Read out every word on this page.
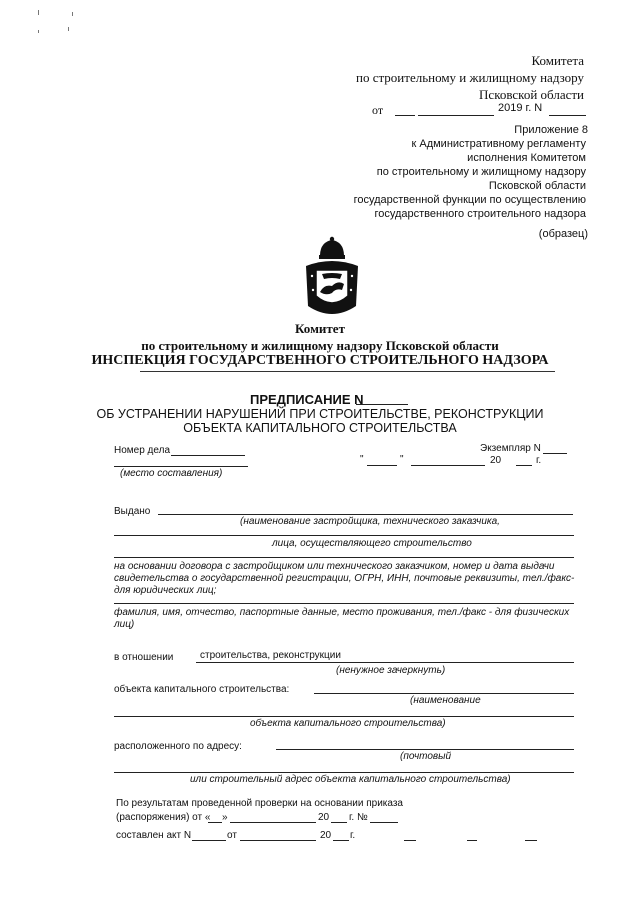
Комитета
по строительному и жилищному надзору
Псковской области
от	2019 г. N
Приложение 8
к Административному регламенту
исполнения Комитетом
по строительному и жилищному надзору
Псковской области
государственной функции по осуществлению
государственного строительного надзора
(образец)
Комитет
по строительному и жилищному надзору Псковской области
ИНСПЕКЦИЯ ГОСУДАРСТВЕННОГО СТРОИТЕЛЬНОГО НАДЗОРА
ПРЕДПИСАНИЕ N
ОБ УСТРАНЕНИИ НАРУШЕНИЙ ПРИ СТРОИТЕЛЬСТВЕ, РЕКОНСТРУКЦИИ
ОБЪЕКТА КАПИТАЛЬНОГО СТРОИТЕЛЬСТВА
Номер дела	Экземпляр N
"	"	20	г.
(место составления)
Выдано
(наименование застройщика, технического заказчика,
лица, осуществляющего строительство
на основании договора с застройщиком или технического заказчиком, номер и дата выдачи
свидетельства о государственной регистрации, ОГРН, ИНН, почтовые реквизиты, тел./факс-
для юридических лиц;
фамилия, имя, отчество, паспортные данные, место проживания, тел./факс - для физических
лиц)
в отношении	строительства, реконструкции
(ненужное зачеркнуть)
объекта капитального строительства:
(наименование
объекта капитального строительства)
расположенного по адресу:
(почтовый
или строительный адрес объекта капитального строительства)
По результатам проведенной проверки на основании приказа
(распоряжения) от « »	20 г. №
составлен акт N	от	20 г.
